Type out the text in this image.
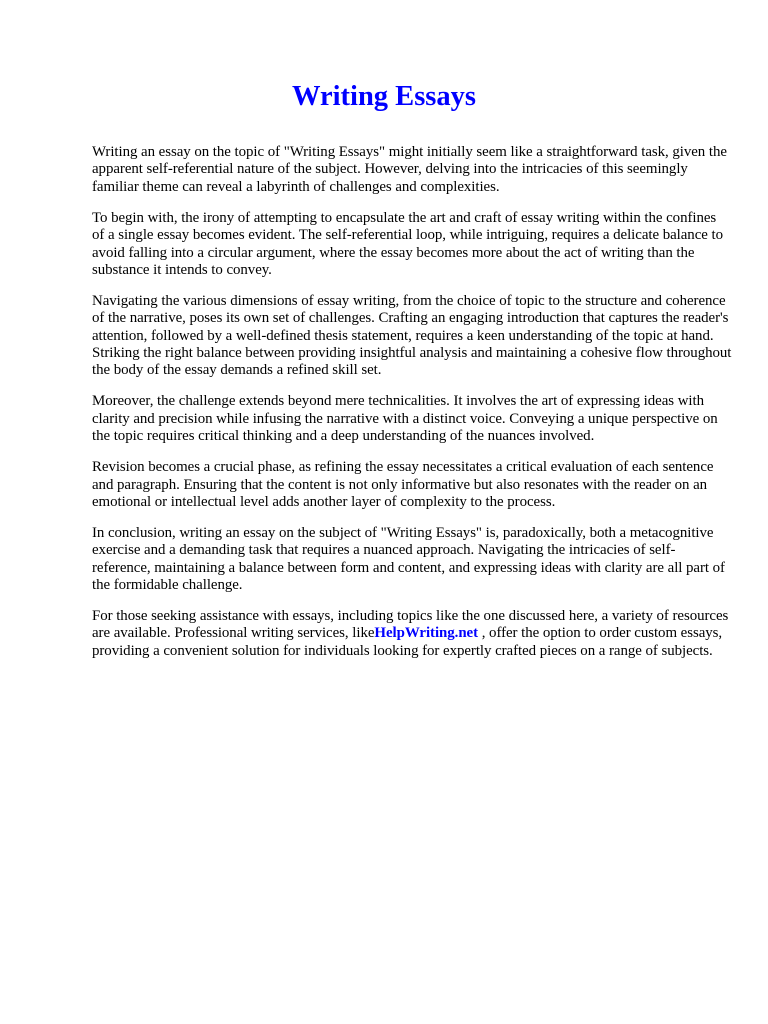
Writing Essays

Writing an essay on the topic of "Writing Essays" might initially seem like a straightforward task, given the apparent self-referential nature of the subject. However, delving into the intricacies of this seemingly familiar theme can reveal a labyrinth of challenges and complexities.

To begin with, the irony of attempting to encapsulate the art and craft of essay writing within the confines of a single essay becomes evident. The self-referential loop, while intriguing, requires a delicate balance to avoid falling into a circular argument, where the essay becomes more about the act of writing than the substance it intends to convey.

Navigating the various dimensions of essay writing, from the choice of topic to the structure and coherence of the narrative, poses its own set of challenges. Crafting an engaging introduction that captures the reader's attention, followed by a well-defined thesis statement, requires a keen understanding of the topic at hand. Striking the right balance between providing insightful analysis and maintaining a cohesive flow throughout the body of the essay demands a refined skill set.

Moreover, the challenge extends beyond mere technicalities. It involves the art of expressing ideas with clarity and precision while infusing the narrative with a distinct voice. Conveying a unique perspective on the topic requires critical thinking and a deep understanding of the nuances involved.

Revision becomes a crucial phase, as refining the essay necessitates a critical evaluation of each sentence and paragraph. Ensuring that the content is not only informative but also resonates with the reader on an emotional or intellectual level adds another layer of complexity to the process.

In conclusion, writing an essay on the subject of "Writing Essays" is, paradoxically, both a metacognitive exercise and a demanding task that requires a nuanced approach. Navigating the intricacies of self-reference, maintaining a balance between form and content, and expressing ideas with clarity are all part of the formidable challenge.

For those seeking assistance with essays, including topics like the one discussed here, a variety of resources are available. Professional writing services, likeHelpWriting.net , offer the option to order custom essays, providing a convenient solution for individuals looking for expertly crafted pieces on a range of subjects.
